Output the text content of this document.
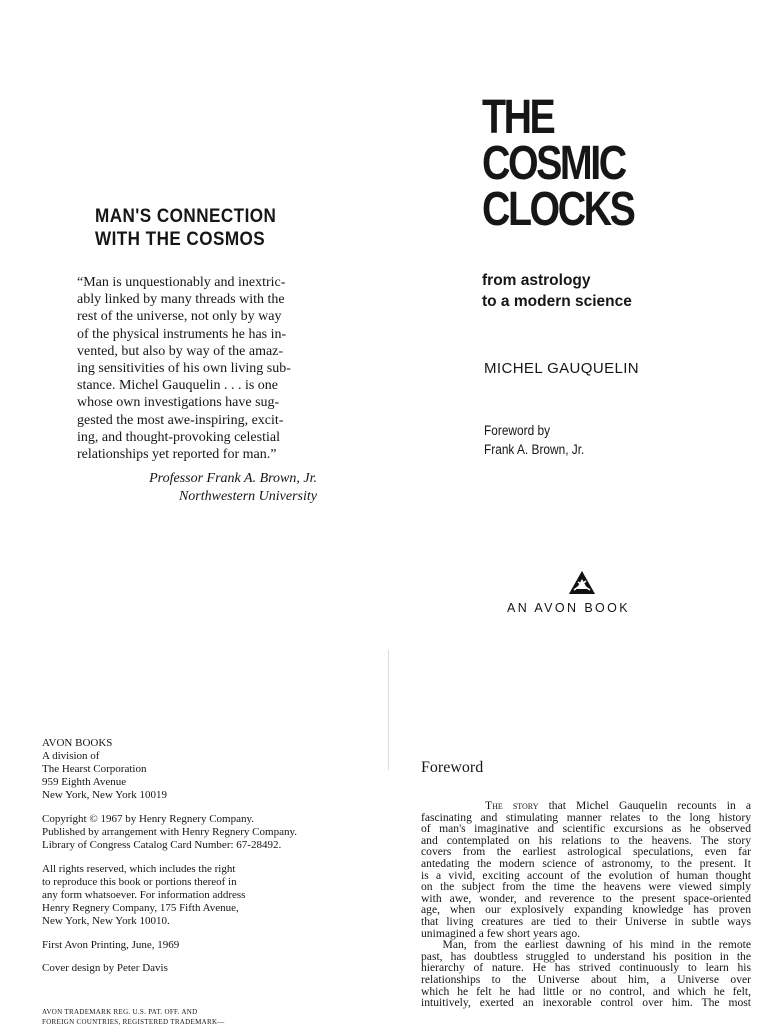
MAN'S CONNECTION
WITH THE COSMOS
“Man is unquestionably and inextric-
ably linked by many threads with the
rest of the universe, not only by way
of the physical instruments he has in-
vented, but also by way of the amaz-
ing sensitivities of his own living sub-
stance. Michel Gauquelin . . . is one
whose own investigations have sug-
gested the most awe-inspiring, excit-
ing, and thought-provoking celestial
relationships yet reported for man.”
Professor Frank A. Brown, Jr.
Northwestern University
THE
COSMIC
CLOCKS
from astrology
to a modern science
MICHEL GAUQUELIN
Foreword by
Frank A. Brown, Jr.
AN AVON BOOK
AVON BOOKS
A division of
The Hearst Corporation
959 Eighth Avenue
New York, New York 10019
Copyright © 1967 by Henry Regnery Company.
Published by arrangement with Henry Regnery Company.
Library of Congress Catalog Card Number: 67-28492.
All rights reserved, which includes the right
to reproduce this book or portions thereof in
any form whatsoever. For information address
Henry Regnery Company, 175 Fifth Avenue,
New York, New York 10010.
First Avon Printing, June, 1969
Cover design by Peter Davis
AVON TRADEMARK REG. U.S. PAT. OFF. AND
FOREIGN COUNTRIES, REGISTERED TRADEMARK—
Foreword
The story that Michel Gauquelin recounts in a
fascinating and stimulating manner relates to the long history
of man's imaginative and scientific excursions as he observed
and contemplated on his relations to the heavens. The story
covers from the earliest astrological speculations, even far
antedating the modern science of astronomy, to the present. It
is a vivid, exciting account of the evolution of human thought
on the subject from the time the heavens were viewed simply
with awe, wonder, and reverence to the present space-oriented
age, when our explosively expanding knowledge has proven
that living creatures are tied to their Universe in subtle ways
unimagined a few short years ago.
Man, from the earliest dawning of his mind in the remote
past, has doubtless struggled to understand his position in the
hierarchy of nature. He has strived continuously to learn his
relationships to the Universe about him, a Universe over
which he felt he had little or no control, and which he felt,
intuitively, exerted an inexorable control over him. The most
